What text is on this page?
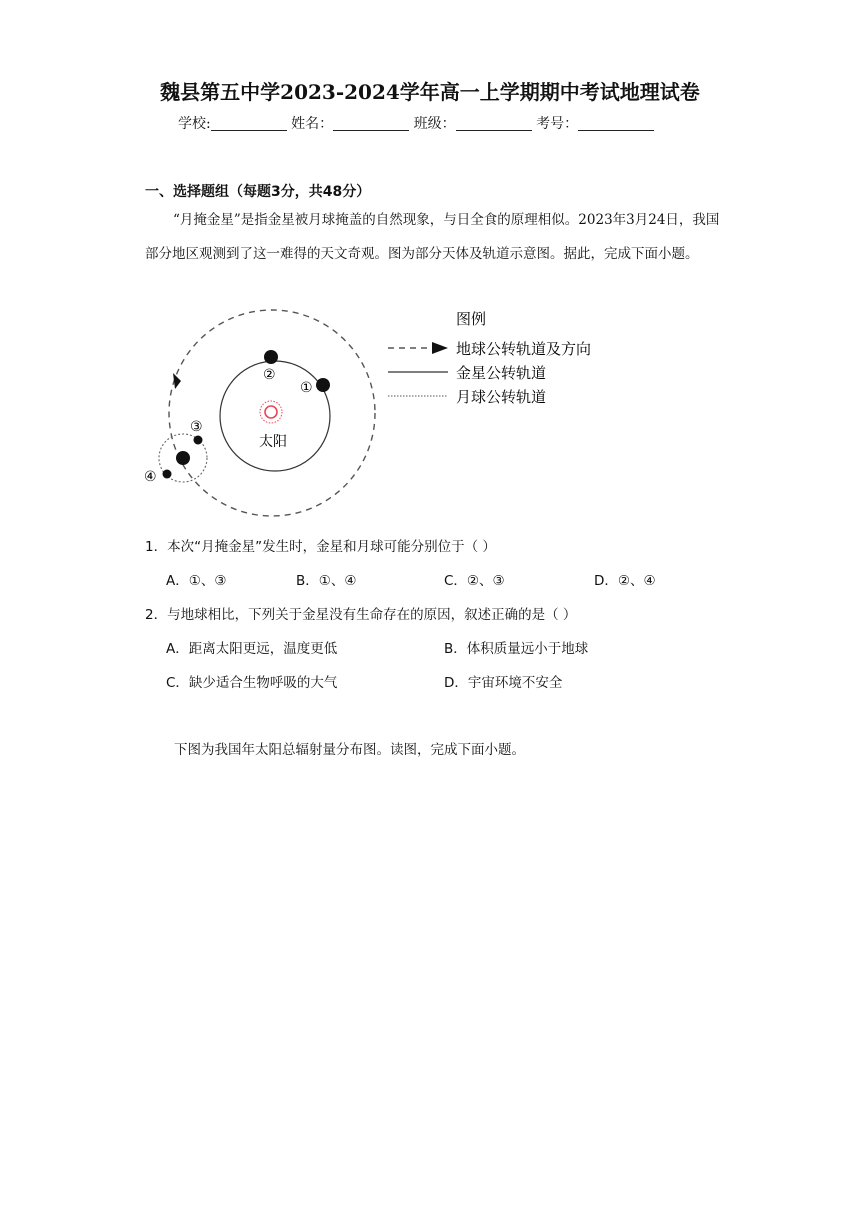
魏县第五中学2023-2024学年高一上学期期中考试地理试卷
学校:	姓名：	班级：	考号：
一、选择题组（每题3分，共48分）
“月掩金星”是指金星被月球掩盖的自然现象，与日全食的原理相似。2023年3月24日，我国部分地区观测到了这一难得的天文奇观。图为部分天体及轨道示意图。据此，完成下面小题。
太阳
②
①
③
④
图例
地球公转轨道及方向
金星公转轨道
月球公转轨道
1．本次“月掩金星”发生时，金星和月球可能分别位于（ ）
A．①、③	B．①、④	C．②、③	D．②、④
2．与地球相比，下列关于金星没有生命存在的原因，叙述正确的是（ ）
A．距离太阳更远，温度更低	B．体积质量远小于地球
C．缺少适合生物呼吸的大气	D．宇宙环境不安全
下图为我国年太阳总辐射量分布图。读图，完成下面小题。
